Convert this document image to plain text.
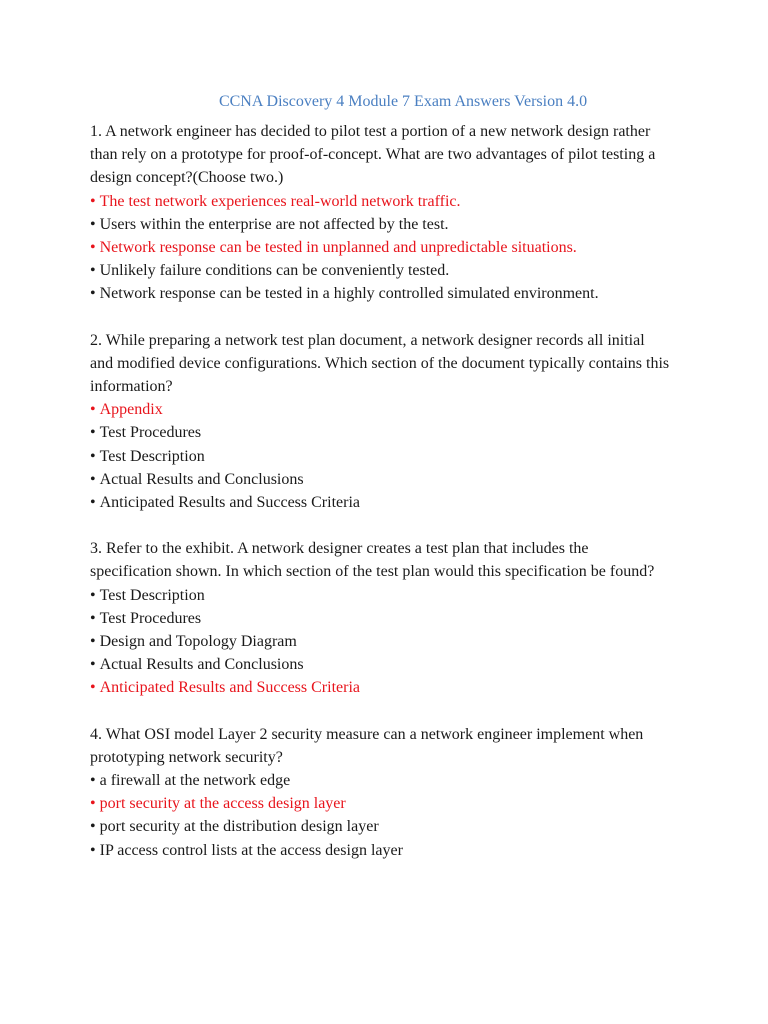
CCNA Discovery 4 Module 7 Exam Answers Version 4.0

1. A network engineer has decided to pilot test a portion of a new network design rather than rely on a prototype for proof-of-concept. What are two advantages of pilot testing a design concept?(Choose two.)

• The test network experiences real-world network traffic.

• Users within the enterprise are not affected by the test.

• Network response can be tested in unplanned and unpredictable situations.

• Unlikely failure conditions can be conveniently tested.

• Network response can be tested in a highly controlled simulated environment.

2. While preparing a network test plan document, a network designer records all initial and modified device configurations. Which section of the document typically contains this information?

• Appendix

• Test Procedures

• Test Description

• Actual Results and Conclusions

• Anticipated Results and Success Criteria

3. Refer to the exhibit. A network designer creates a test plan that includes the specification shown. In which section of the test plan would this specification be found?

• Test Description

• Test Procedures

• Design and Topology Diagram

• Actual Results and Conclusions

• Anticipated Results and Success Criteria

4. What OSI model Layer 2 security measure can a network engineer implement when prototyping network security?

• a firewall at the network edge

• port security at the access design layer

• port security at the distribution design layer

• IP access control lists at the access design layer
